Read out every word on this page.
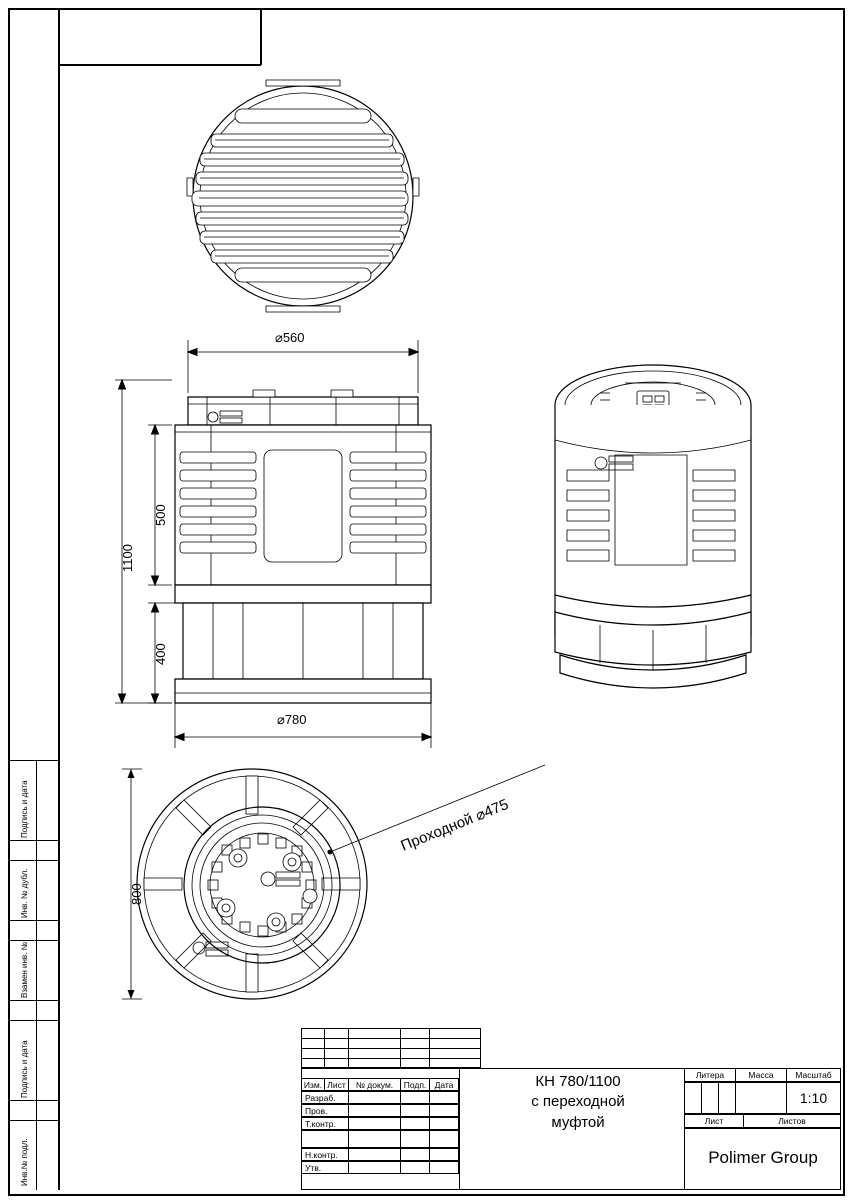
Подпись и дата
Инв. № дубл.
Взамен инв. №
Подпись и дата
Инв.№ подл.
⌀560
⌀780
1100
500
400
800
Проходной ⌀475
Изм. Лист	№ докум.	Подп. Дата
Разраб.
Пров.
Т.контр.
Н.контр.
Утв.
КН 780/1100
с переходной
муфтой
Литера	Масса	Масштаб
1:10
Лист	Листов
Polimer Group
